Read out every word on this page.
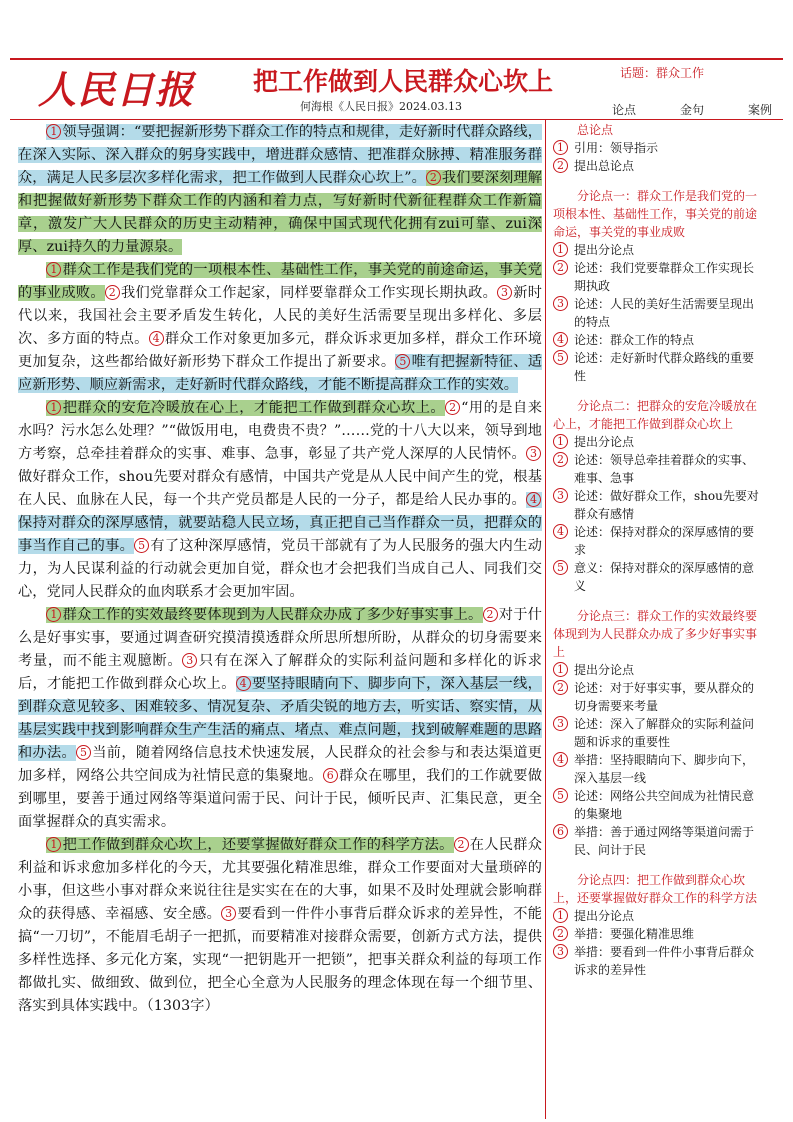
人民日报	把工作做到人民群众心坎上
何海根《人民日报》2024.03.13
话题：群众工作
论点	金句	案例

1 领导强调：“要把握新形势下群众工作的特点和规律，走好新时代群众路线，在深入实际、深入群众的躬身实践中，增进群众感情、把准群众脉搏、精准服务群众，满足人民多层次多样化需求，把工作做到人民群众心坎上”。 2 我们要深刻理解和把握做好新形势下群众工作的内涵和着力点，写好新时代新征程群众工作新篇章，激发广大人民群众的历史主动精神，确保中国式现代化拥有zui可靠、zui深厚、zui持久的力量源泉。

1 群众工作是我们党的一项根本性、基础性工作，事关党的前途命运，事关党的事业成败。 2 我们党靠群众工作起家，同样要靠群众工作实现长期执政。 3 新时代以来，我国社会主要矛盾发生转化，人民的美好生活需要呈现出多样化、多层次、多方面的特点。 4 群众工作对象更加多元，群众诉求更加多样，群众工作环境更加复杂，这些都给做好新形势下群众工作提出了新要求。 5 唯有把握新特征、适应新形势、顺应新需求，走好新时代群众路线，才能不断提高群众工作的实效。

1 把群众的安危冷暖放在心上，才能把工作做到群众心坎上。 2 “用的是自来水吗？污水怎么处理？”“做饭用电，电费贵不贵？”……党的十八大以来，领导到地方考察，总牵挂着群众的实事、难事、急事，彰显了共产党人深厚的人民情怀。 3做好群众工作，shou先要对群众有感情，中国共产党是从人民中间产生的党，根基在人民、血脉在人民，每一个共产党员都是人民的一分子，都是给人民办事的。 4保持对群众的深厚感情，就要站稳人民立场，真正把自己当作群众一员，把群众的事当作自己的事。 5 有了这种深厚感情，党员干部就有了为人民服务的强大内生动力，为人民谋利益的行动就会更加自觉，群众也才会把我们当成自己人、同我们交心，党同人民群众的血肉联系才会更加牢固。

1 群众工作的实效最终要体现到为人民群众办成了多少好事实事上。 2 对于什么是好事实事，要通过调查研究摸清摸透群众所思所想所盼，从群众的切身需要来考量，而不能主观臆断。 3 只有在深入了解群众的实际利益问题和多样化的诉求后，才能把工作做到群众心坎上。 4 要坚持眼睛向下、脚步向下，深入基层一线，到群众意见较多、困难较多、情况复杂、矛盾尖锐的地方去，听实话、察实情，从基层实践中找到影响群众生产生活的痛点、堵点、难点问题，找到破解难题的思路和办法。 5 当前，随着网络信息技术快速发展，人民群众的社会参与和表达渠道更加多样，网络公共空间成为社情民意的集聚地。 6 群众在哪里，我们的工作就要做到哪里，要善于通过网络等渠道问需于民、问计于民，倾听民声、汇集民意，更全面掌握群众的真实需求。

1 把工作做到群众心坎上，还要掌握做好群众工作的科学方法。 2 在人民群众利益和诉求愈加多样化的今天，尤其要强化精准思维，群众工作要面对大量琐碎的小事，但这些小事对群众来说往往是实实在在的大事，如果不及时处理就会影响群众的获得感、幸福感、安全感。 3 要看到一件件小事背后群众诉求的差异性，不能搞“一刀切”，不能眉毛胡子一把抓，而要精准对接群众需要，创新方式方法，提供多样性选择、多元化方案，实现“一把钥匙开一把锁”，把事关群众利益的每项工作都做扎实、做细致、做到位，把全心全意为人民服务的理念体现在每一个细节里、落实到具体实践中。（1303字）

总论点
1 引用：领导指示
2 提出总论点
分论点一：群众工作是我们党的一项根本性、基础性工作，事关党的前途命运，事关党的事业成败
1 提出分论点
2 论述：我们党要靠群众工作实现长期执政
3 论述：人民的美好生活需要呈现出的特点
4 论述：群众工作的特点
5 论述：走好新时代群众路线的重要性
分论点二：把群众的安危冷暖放在心上，才能把工作做到群众心坎上
1 提出分论点
2 论述：领导总牵挂着群众的实事、难事、急事
3 论述：做好群众工作，shou先要对群众有感情
4 论述：保持对群众的深厚感情的要求
5 意义：保持对群众的深厚感情的意义
分论点三：群众工作的实效最终要体现到为人民群众办成了多少好事实事上
1 提出分论点
2 论述：对于好事实事，要从群众的切身需要来考量
3 论述：深入了解群众的实际利益问题和诉求的重要性
4 举措：坚持眼睛向下、脚步向下，深入基层一线
5 论述：网络公共空间成为社情民意的集聚地
6 举措：善于通过网络等渠道问需于民、问计于民
分论点四：把工作做到群众心坎上，还要掌握做好群众工作的科学方法
1 提出分论点
2 举措：要强化精准思维
3 举措：要看到一件件小事背后群众诉求的差异性
